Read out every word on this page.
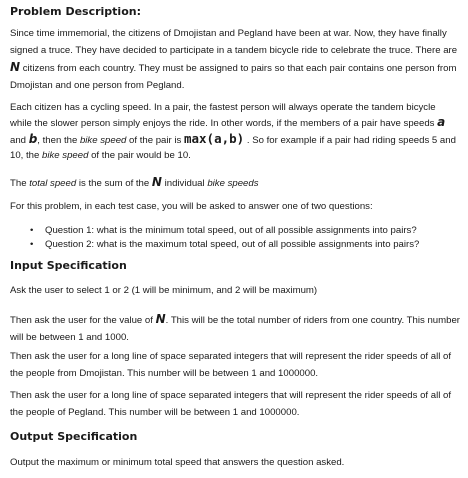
Problem Description:

Since time immemorial, the citizens of Dmojistan and Pegland have been at war. Now, they have finally signed a truce. They have decided to participate in a tandem bicycle ride to celebrate the truce. There are N citizens from each country. They must be assigned to pairs so that each pair contains one person from Dmojistan and one person from Pegland.

Each citizen has a cycling speed. In a pair, the fastest person will always operate the tandem bicycle while the slower person simply enjoys the ride. In other words, if the members of a pair have speeds a and b, then the bike speed of the pair is max(a,b) . So for example if a pair had riding speeds 5 and 10, the bike speed of the pair would be 10.

The total speed is the sum of the N individual bike speeds

For this problem, in each test case, you will be asked to answer one of two questions:

• Question 1: what is the minimum total speed, out of all possible assignments into pairs?
• Question 2: what is the maximum total speed, out of all possible assignments into pairs?
Input Specification

Ask the user to select 1 or 2 (1 will be minimum, and 2 will be maximum)

Then ask the user for the value of N. This will be the total number of riders from one country. This number will be between 1 and 1000.

Then ask the user for a long line of space separated integers that will represent the rider speeds of all of the people from Dmojistan. This number will be between 1 and 1000000.

Then ask the user for a long line of space separated integers that will represent the rider speeds of all of the people of Pegland. This number will be between 1 and 1000000.

Output Specification

Output the maximum or minimum total speed that answers the question asked.
